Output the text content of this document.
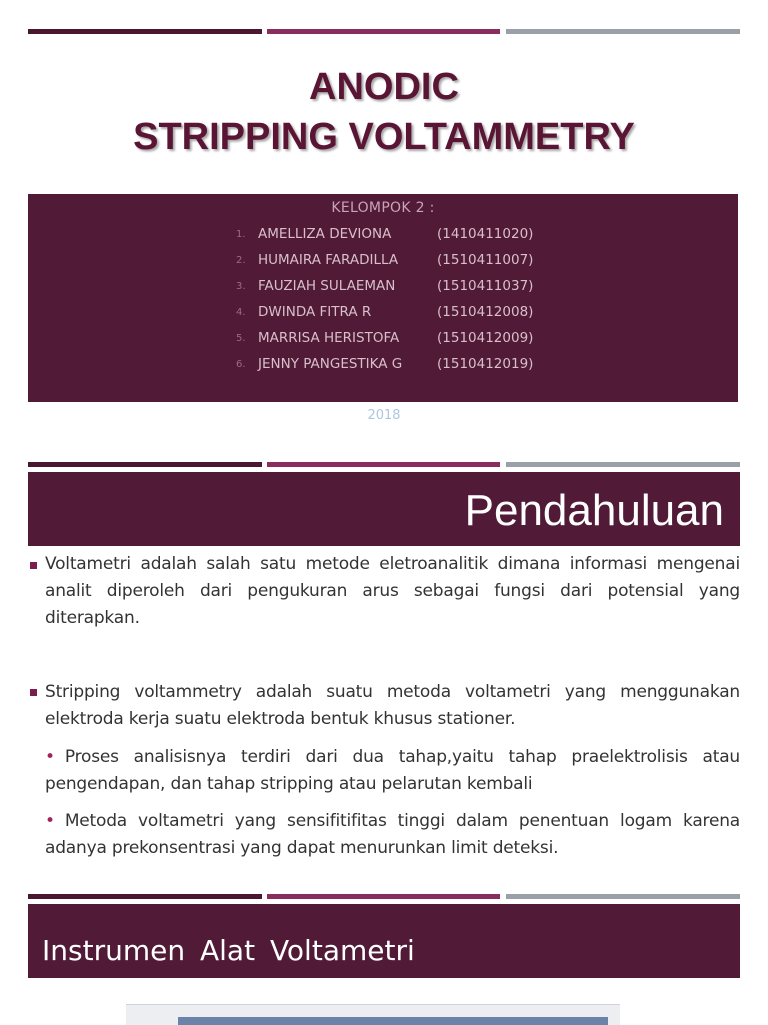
ANODIC
STRIPPING VOLTAMMETRY
KELOMPOK 2 :
1. AMELLIZA DEVIONA	(1410411020)
2. HUMAIRA FARADILLA	(1510411007)
3. FAUZIAH SULAEMAN	(1510411037)
4. DWINDA FITRA R	(1510412008)
5. MARRISA HERISTOFA	(1510412009)
6. JENNY PANGESTIKA G	(1510412019)
2018
Pendahuluan
Voltametri adalah salah satu metode eletroanalitik dimana informasi mengenai analit diperoleh dari pengukuran arus sebagai fungsi dari potensial yang diterapkan.
Stripping voltammetry adalah suatu metoda voltametri yang menggunakan elektroda kerja suatu elektroda bentuk khusus stationer.
• Proses analisisnya terdiri dari dua tahap,yaitu tahap praelektrolisis atau pengendapan, dan tahap stripping atau pelarutan kembali
• Metoda voltametri yang sensifitifitas tinggi dalam penentuan logam karena adanya prekonsentrasi yang dapat menurunkan limit deteksi.
Instrumen Alat Voltametri
